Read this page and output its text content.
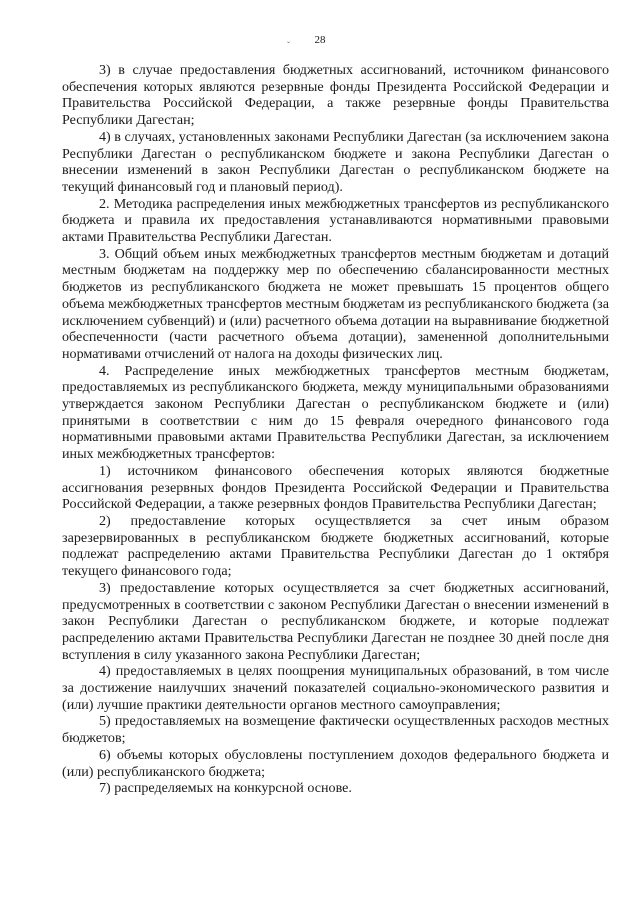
28
ˇ

3) в случае предоставления бюджетных ассигнований, источником финансового обеспечения которых являются резервные фонды Президента Российской Федерации и Правительства Российской Федерации, а также резервные фонды Правительства Республики Дагестан;

4) в случаях, установленных законами Республики Дагестан (за исключением закона Республики Дагестан о республиканском бюджете и закона Республики Дагестан о внесении изменений в закон Республики Дагестан о республиканском бюджете на текущий финансовый год и плановый период).

2. Методика распределения иных межбюджетных трансфертов из республиканского бюджета и правила их предоставления устанавливаются нормативными правовыми актами Правительства Республики Дагестан.

3. Общий объем иных межбюджетных трансфертов местным бюджетам и дотаций местным бюджетам на поддержку мер по обеспечению сбалансированности местных бюджетов из республиканского бюджета не может превышать 15 процентов общего объема межбюджетных трансфертов местным бюджетам из республиканского бюджета (за исключением субвенций) и (или) расчетного объема дотации на выравнивание бюджетной обеспеченности (части расчетного объема дотации), замененной дополнительными нормативами отчислений от налога на доходы физических лиц.

4. Распределение иных межбюджетных трансфертов местным бюджетам, предоставляемых из республиканского бюджета, между муниципальными образованиями утверждается законом Республики Дагестан о республиканском бюджете и (или) принятыми в соответствии с ним до 15 февраля очередного финансового года нормативными правовыми актами Правительства Республики Дагестан, за исключением иных межбюджетных трансфертов:

1) источником финансового обеспечения которых являются бюджетные ассигнования резервных фондов Президента Российской Федерации и Правительства Российской Федерации, а также резервных фондов Правительства Республики Дагестан;

2) предоставление которых осуществляется за счет иным образом зарезервированных в республиканском бюджете бюджетных ассигнований, которые подлежат распределению актами Правительства Республики Дагестан до 1 октября текущего финансового года;

3) предоставление которых осуществляется за счет бюджетных ассигнований, предусмотренных в соответствии с законом Республики Дагестан о внесении изменений в закон Республики Дагестан о республиканском бюджете, и которые подлежат распределению актами Правительства Республики Дагестан не позднее 30 дней после дня вступления в силу указанного закона Республики Дагестан;

4) предоставляемых в целях поощрения муниципальных образований, в том числе за достижение наилучших значений показателей социально-экономического развития и (или) лучшие практики деятельности органов местного самоуправления;

5) предоставляемых на возмещение фактически осуществленных расходов местных бюджетов;

6) объемы которых обусловлены поступлением доходов федерального бюджета и (или) республиканского бюджета;

7) распределяемых на конкурсной основе.
